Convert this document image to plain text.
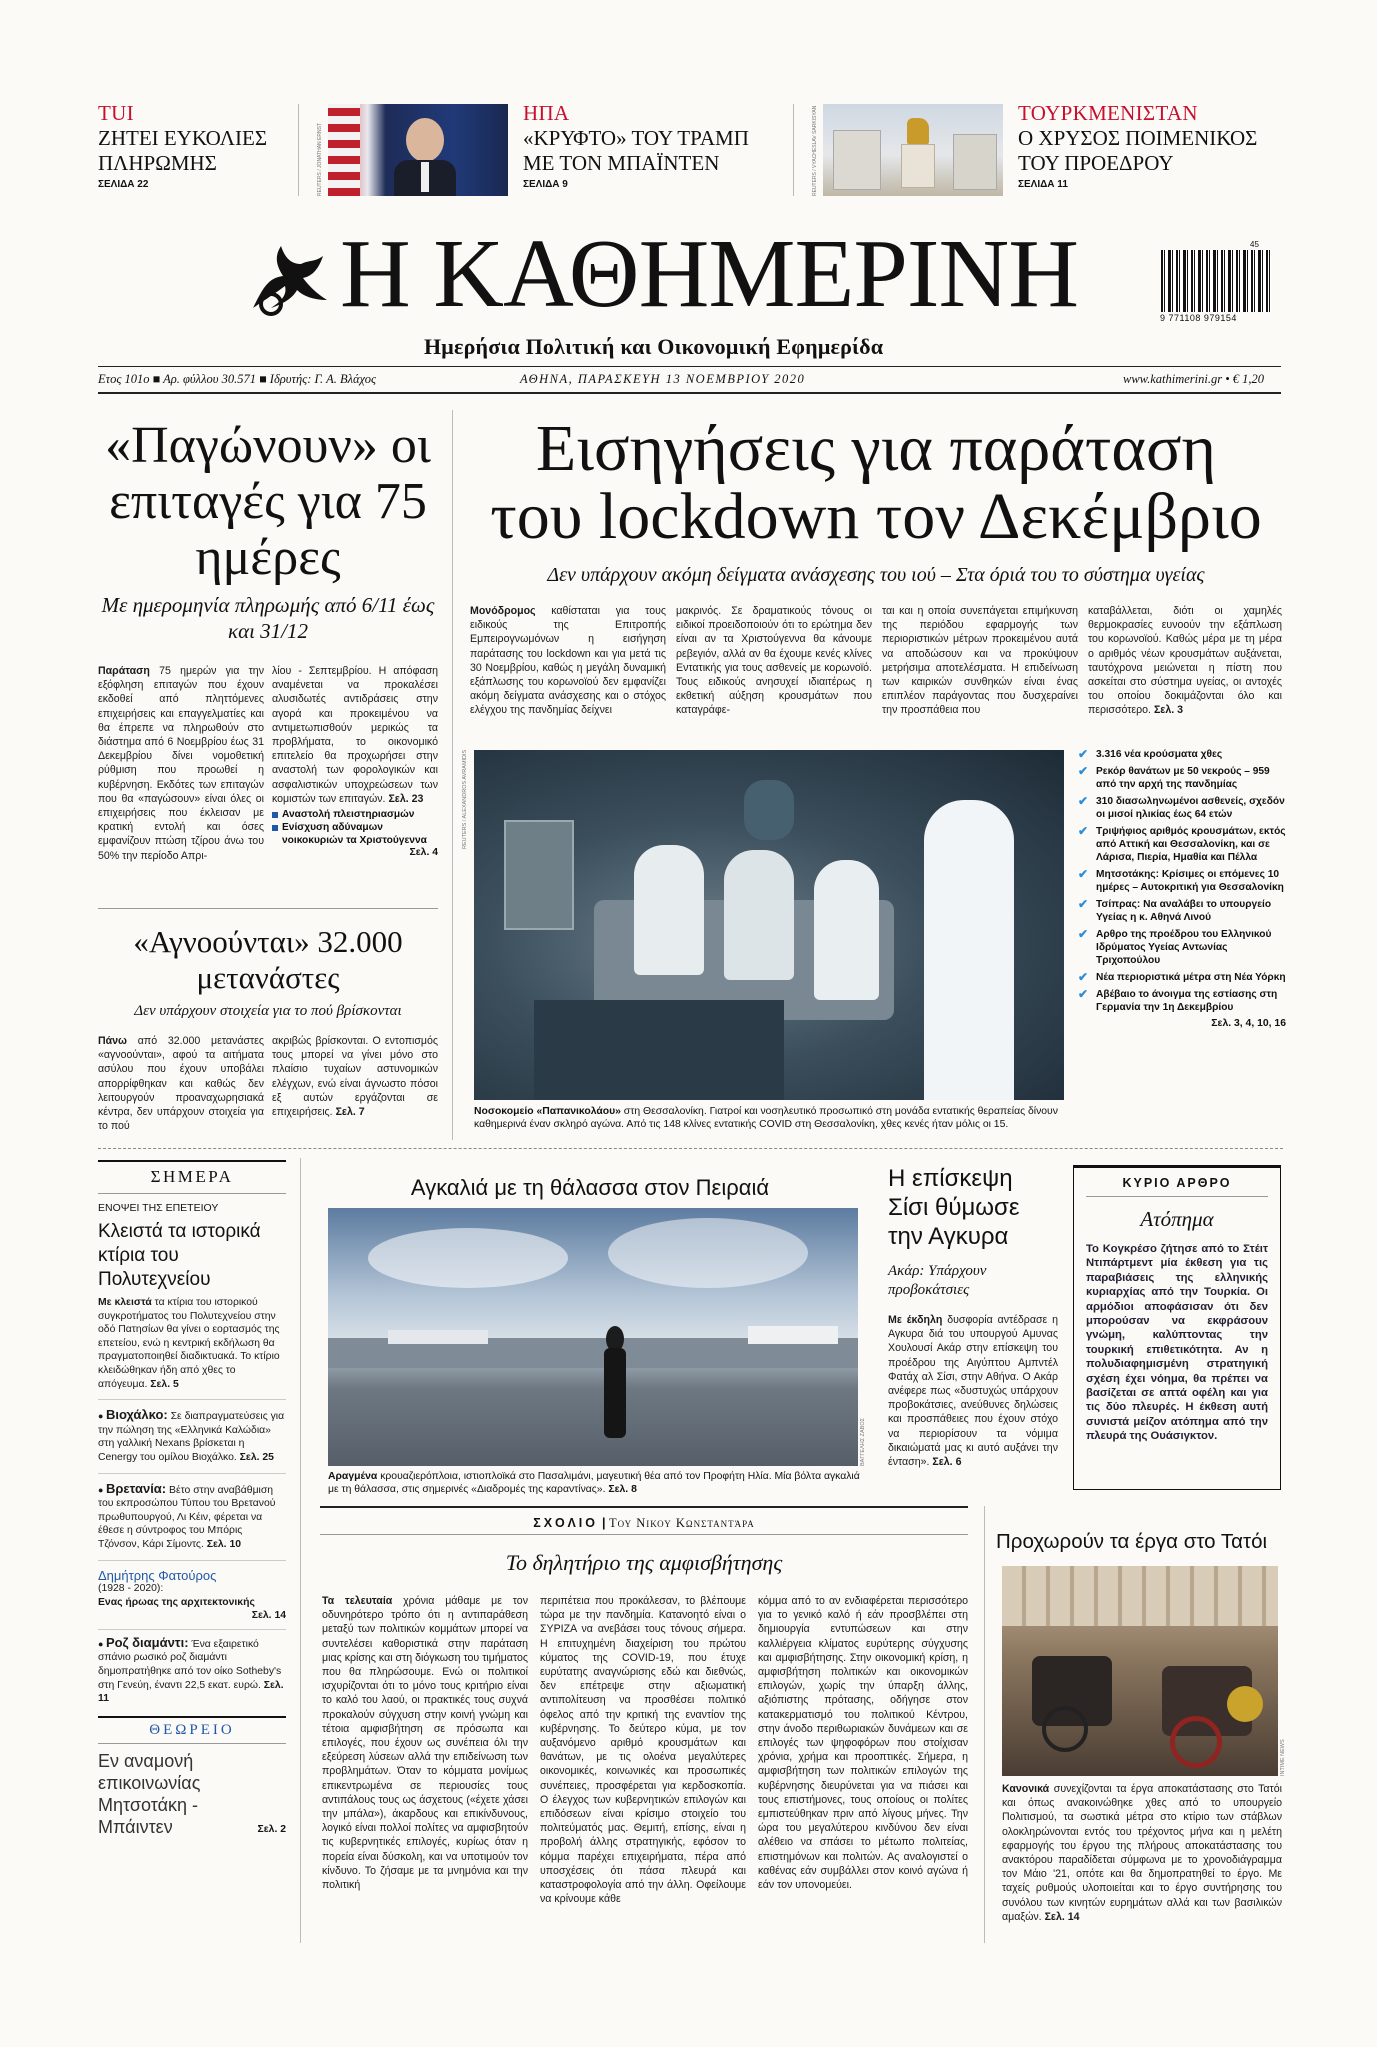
TUI
ΖΗΤΕΙ ΕΥΚΟΛΙΕΣ ΠΛΗΡΩΜΗΣ
ΣΕΛΙΔΑ 22	REUTERS / JONATHAN ERNST
ΗΠΑ
«ΚΡΥΦΤΟ» ΤΟΥ ΤΡΑΜΠ ΜΕ ΤΟΝ ΜΠΑΪΝΤΕΝ
ΣΕΛΙΔΑ 9	REUTERS / VYACHESLAV SARKISYAN	ΤΟΥΡΚΜΕΝΙΣΤΑΝ
Ο ΧΡΥΣΟΣ ΠΟΙΜΕΝΙΚΟΣ ΤΟΥ ΠΡΟΕΔΡΟΥ
ΣΕΛΙΔΑ 11
Η ΚΑΘΗΜΕΡΙΝΗ
Ημερήσια Πολιτική και Οικονομική Εφημερίδα
45
9 771108 979154
Ετος 101ο ■ Αρ. φύλλου 30.571 ■ Ιδρυτής: Γ. Α. Βλάχος	ΑΘΗΝΑ, ΠΑΡΑΣΚΕΥΗ 13 ΝΟΕΜΒΡΙΟΥ 2020	www.kathimerini.gr • € 1,20
«Παγώνουν» οι επιταγές για 75 ημέρες
Με ημερομηνία πληρωμής από 6/11 έως και 31/12
Παράταση 75 ημερών για την εξόφληση επιταγών που έχουν εκδοθεί από πληττόμενες επιχειρήσεις και επαγγελματίες και θα έπρεπε να πληρωθούν στο διάστημα από 6 Νοεμβρίου έως 31 Δεκεμβρίου δίνει νομοθετική ρύθμιση που προωθεί η κυβέρνηση. Εκδότες των επιταγών που θα «παγώσουν» είναι όλες οι επιχειρήσεις που έκλεισαν με κρατική εντολή και όσες εμφανίζουν πτώση τζίρου άνω του 50% την περίοδο Απρι-
λίου - Σεπτεμβρίου. Η απόφαση αναμένεται να προκαλέσει αλυσιδωτές αντιδράσεις στην αγορά και προκειμένου να αντιμετωπισθούν μερικώς τα προβλήματα, το οικονομικό επιτελείο θα προχωρήσει στην αναστολή των φορολογικών και ασφαλιστικών υποχρεώσεων των κομιστών των επιταγών. Σελ. 23
Αναστολή πλειστηριασμών
Ενίσχυση αδύναμων νοικοκυριών τα Χριστούγεννα
Σελ. 4
«Αγνοούνται» 32.000 μετανάστες
Δεν υπάρχουν στοιχεία για το πού βρίσκονται
Πάνω από 32.000 μετανάστες «αγνοούνται», αφού τα αιτήματα ασύλου που έχουν υποβάλει απορρίφθηκαν και καθώς δεν λειτουργούν προαναχωρησιακά κέντρα, δεν υπάρχουν στοιχεία για το πού
ακριβώς βρίσκονται. Ο εντοπισμός τους μπορεί να γίνει μόνο στο πλαίσιο τυχαίων αστυνομικών ελέγχων, ενώ είναι άγνωστο πόσοι εξ αυτών εργάζονται σε επιχειρήσεις. Σελ. 7
Εισηγήσεις για παράταση
του lockdown τον Δεκέμβριο
Δεν υπάρχουν ακόμη δείγματα ανάσχεσης του ιού – Στα όριά του το σύστημα υγείας
Μονόδρομος καθίσταται για τους ειδικούς της Επιτροπής Εμπειρογνωμόνων η εισήγηση παράτασης του lockdown και για μετά τις 30 Νοεμβρίου, καθώς η μεγάλη δυναμική εξάπλωσης του κορωνοϊού δεν εμφανίζει ακόμη δείγματα ανάσχεσης και ο στόχος ελέγχου της πανδημίας δείχνει
μακρινός. Σε δραματικούς τόνους οι ειδικοί προειδοποιούν ότι το ερώτημα δεν είναι αν τα Χριστούγεννα θα κάνουμε ρεβεγιόν, αλλά αν θα έχουμε κενές κλίνες Εντατικής για τους ασθενείς με κορωνοϊό. Τους ειδικούς ανησυχεί ιδιαιτέρως η εκθετική αύξηση κρουσμάτων που καταγράφε-
ται και η οποία συνεπάγεται επιμήκυνση της περιόδου εφαρμογής των περιοριστικών μέτρων προκειμένου αυτά να αποδώσουν και να προκύψουν μετρήσιμα αποτελέσματα. Η επιδείνωση των καιρικών συνθηκών είναι ένας επιπλέον παράγοντας που δυσχεραίνει την προσπάθεια που
καταβάλλεται, διότι οι χαμηλές θερμοκρασίες ευνοούν την εξάπλωση του κορωνοϊού. Καθώς μέρα με τη μέρα ο αριθμός νέων κρουσμάτων αυξάνεται, ταυτόχρονα μειώνεται η πίστη που ασκείται στο σύστημα υγείας, οι αντοχές του οποίου δοκιμάζονται όλο και περισσότερο. Σελ. 3
REUTERS / ALEXANDROS AVRAMIDIS
Νοσοκομείο «Παπανικολάου» στη Θεσσαλονίκη. Γιατροί και νοσηλευτικό προσωπικό στη μονάδα εντατικής θεραπείας δίνουν καθημερινά έναν σκληρό αγώνα. Από τις 148 κλίνες εντατικής COVID στη Θεσσαλονίκη, χθες κενές ήταν μόλις οι 15.
✔ 3.316 νέα κρούσματα χθες
✔ Ρεκόρ θανάτων με 50 νεκρούς – 959 από την αρχή της πανδημίας
✔ 310 διασωληνωμένοι ασθενείς, σχεδόν οι μισοί ηλικίας έως 64 ετών
✔ Τριψήφιος αριθμός κρουσμάτων, εκτός από Αττική και Θεσσαλονίκη, και σε Λάρισα, Πιερία, Ημαθία και Πέλλα
✔ Μητσοτάκης: Κρίσιμες οι επόμενες 10 ημέρες – Αυτοκριτική για Θεσσαλονίκη
✔ Τσίπρας: Να αναλάβει το υπουργείο Υγείας η κ. Αθηνά Λινού
✔ Αρθρο της προέδρου του Ελληνικού Ιδρύματος Υγείας Αντωνίας Τριχοπούλου
✔ Νέα περιοριστικά μέτρα στη Νέα Υόρκη
✔ Αβέβαιο το άνοιγμα της εστίασης στη Γερμανία την 1η Δεκεμβρίου

Σελ. 3, 4, 10, 16

ΣΗΜΕΡΑ
ΕΝΟΨΕΙ ΤΗΣ ΕΠΕΤΕΙΟΥ
Κλειστά τα ιστορικά κτίρια του Πολυτεχνείου
Με κλειστά τα κτίρια του ιστορικού συγκροτήματος του Πολυτεχνείου στην οδό Πατησίων θα γίνει ο εορτασμός της επετείου, ενώ η κεντρική εκδήλωση θα πραγματοποιηθεί διαδικτυακά. Το κτίριο κλειδώθηκαν ήδη από χθες το απόγευμα. Σελ. 5
● Βιοχάλκο: Σε διαπραγματεύσεις για την πώληση της «Ελληνικά Καλώδια» στη γαλλική Nexans βρίσκεται η Cenergy του ομίλου Βιοχάλκο. Σελ. 25
● Βρετανία: Βέτο στην αναβάθμιση του εκπροσώπου Τύπου του Βρετανού πρωθυπουργού, Λι Κέιν, φέρεται να έθεσε η σύντροφος του Μπόρις Τζόνσον, Κάρι Σίμοντς. Σελ. 10
Δημήτρης Φατούρος
(1928 - 2020):
Ενας ήρωας της αρχιτεκτονικής
Σελ. 14
● Ροζ διαμάντι: Ένα εξαιρετικό σπάνιο ρωσικό ροζ διαμάντι δημοπρατήθηκε από τον οίκο Sotheby's στη Γενεύη, έναντι 22,5 εκατ. ευρώ. Σελ. 11
ΘΕΩΡΕΙΟ
Εν αναμονή επικοινωνίας Μητσοτάκη - Μπάιντεν	Σελ. 2
Αγκαλιά με τη θάλασσα στον Πειραιά
ΒΑΓΓΕΛΗΣ ΖΑΒΟΣ
Αραγμένα κρουαζιερόπλοια, ιστιοπλοϊκά στο Πασαλιμάνι, μαγευτική θέα από τον Προφήτη Ηλία. Μία βόλτα αγκαλιά με τη θάλασσα, στις σημερινές «Διαδρομές της καραντίνας». Σελ. 8
Η επίσκεψη Σίσι θύμωσε την Αγκυρα
Ακάρ: Υπάρχουν προβοκάτσιες
Με έκδηλη δυσφορία αντέδρασε η Αγκυρα διά του υπουργού Αμυνας Χουλουσί Ακάρ στην επίσκεψη του προέδρου της Αιγύπτου Αμπντέλ Φατάχ αλ Σίσι, στην Αθήνα. Ο Ακάρ ανέφερε πως «δυστυχώς υπάρχουν προβοκάτσιες, ανεύθυνες δηλώσεις και προσπάθειες που έχουν στόχο να περιορίσουν τα νόμιμα δικαιώματά μας κι αυτό αυξάνει την ένταση». Σελ. 6
ΚΥΡΙΟ ΑΡΘΡΟ
Ατόπημα
Το Κογκρέσο ζήτησε από το Στέιτ Ντιπάρτμεντ μία έκθεση για τις παραβιάσεις της ελληνικής κυριαρχίας από την Τουρκία. Οι αρμόδιοι αποφάσισαν ότι δεν μπορούσαν να εκφράσουν γνώμη, καλύπτοντας την τουρκική επιθετικότητα. Αν η πολυδιαφημισμένη στρατηγική σχέση έχει νόημα, θα πρέπει να βασίζεται σε απτά οφέλη και για τις δύο πλευρές. Η έκθεση αυτή συνιστά μείζον ατόπημα από την πλευρά της Ουάσιγκτον.
ΣΧΟΛΙΟ | Του Νικου Κωνσταντάρα
Το δηλητήριο της αμφισβήτησης
Τα τελευταία χρόνια μάθαμε με τον οδυνηρότερο τρόπο ότι η αντιπαράθεση μεταξύ των πολιτικών κομμάτων μπορεί να συντελέσει καθοριστικά στην παράταση μιας κρίσης και στη διόγκωση του τιμήματος που θα πληρώσουμε. Ενώ οι πολιτικοί ισχυρίζονται ότι το μόνο τους κριτήριο είναι το καλό του λαού, οι πρακτικές τους συχνά προκαλούν σύγχυση στην κοινή γνώμη και τέτοια αμφισβήτηση σε πρόσωπα και επιλογές, που έχουν ως συνέπεια όλι την εξεύρεση λύσεων αλλά την επιδείνωση των προβλημάτων. Όταν το κόμματα μονίμως επικεντρωμένα σε περιουσίες τους αντιπάλους τους ως άσχετους («έχετε χάσει την μπάλα»), άκαρδους και επικίνδυνους, λογικό είναι πολλοί πολίτες να αμφισβητούν τις κυβερνητικές επιλογές, κυρίως όταν η πορεία είναι δύσκολη, και να υποτιμούν τον κίνδυνο. Το ζήσαμε με τα μνημόνια και την πολιτική
περιπέτεια που προκάλεσαν, το βλέπουμε τώρα με την πανδημία. Κατανοητό είναι ο ΣΥΡΙΖΑ να ανεβάσει τους τόνους σήμερα. Η επιτυχημένη διαχείριση του πρώτου κύματος της COVID-19, που έτυχε ευρύτατης αναγνώρισης εδώ και διεθνώς, δεν επέτρεψε στην αξιωματική αντιπολίτευση να προσθέσει πολιτικό όφελος από την κριτική της εναντίον της κυβέρνησης. Το δεύτερο κύμα, με τον αυξανόμενο αριθμό κρουσμάτων και θανάτων, με τις ολοένα μεγαλύτερες οικονομικές, κοινωνικές και προσωπικές συνέπειες, προσφέρεται για κερδοσκοπία. Ο έλεγχος των κυβερνητικών επιλογών και επιδόσεων είναι κρίσιμο στοιχείο του πολιτεύματός μας. Θεμιτή, επίσης, είναι η προβολή άλλης στρατηγικής, εφόσον το κόμμα παρέχει επιχειρήματα, πέρα από υποσχέσεις ότι πάσα πλευρά και καταστροφολογία από την άλλη. Οφείλουμε να κρίνουμε κάθε
κόμμα από το αν ενδιαφέρεται περισσότερο για το γενικό καλό ή εάν προσβλέπει στη δημιουργία εντυπώσεων και στην καλλιέργεια κλίματος ευρύτερης σύγχυσης και αμφισβήτησης. Στην οικονομική κρίση, η αμφισβήτηση πολιτικών και οικονομικών επιλογών, χωρίς την ύπαρξη άλλης, αξιόπιστης πρότασης, οδήγησε στον κατακερματισμό του πολιτικού Κέντρου, στην άνοδο περιθωριακών δυνάμεων και σε επιλογές των ψηφοφόρων που στοίχισαν χρόνια, χρήμα και προοπτικές. Σήμερα, η αμφισβήτηση των πολιτικών επιλογών της κυβέρνησης διευρύνεται για να πιάσει και τους επιστήμονες, τους οποίους οι πολίτες εμπιστεύθηκαν πριν από λίγους μήνες. Την ώρα του μεγαλύτερου κινδύνου δεν είναι αλέθειο να σπάσει το μέτωπο πολιτείας, επιστημόνων και πολιτών. Ας αναλογιστεί ο καθένας εάν συμβάλλει στον κοινό αγώνα ή εάν τον υπονομεύει.
Προχωρούν τα έργα στο Τατόι
INTIME NEWS
Κανονικά συνεχίζονται τα έργα αποκατάστασης στο Τατόι και όπως ανακοινώθηκε χθες από το υπουργείο Πολιτισμού, τα σωστικά μέτρα στο κτίριο των στάβλων ολοκληρώνονται εντός του τρέχοντος μήνα και η μελέτη εφαρμογής του έργου της πλήρους αποκατάστασης του ανακτόρου παραδίδεται σύμφωνα με το χρονοδιάγραμμα τον Μάιο '21, οπότε και θα δημοπρατηθεί το έργο. Με ταχείς ρυθμούς υλοποιείται και το έργο συντήρησης του συνόλου των κινητών ευρημάτων αλλά και των βασιλικών αμαξών. Σελ. 14
